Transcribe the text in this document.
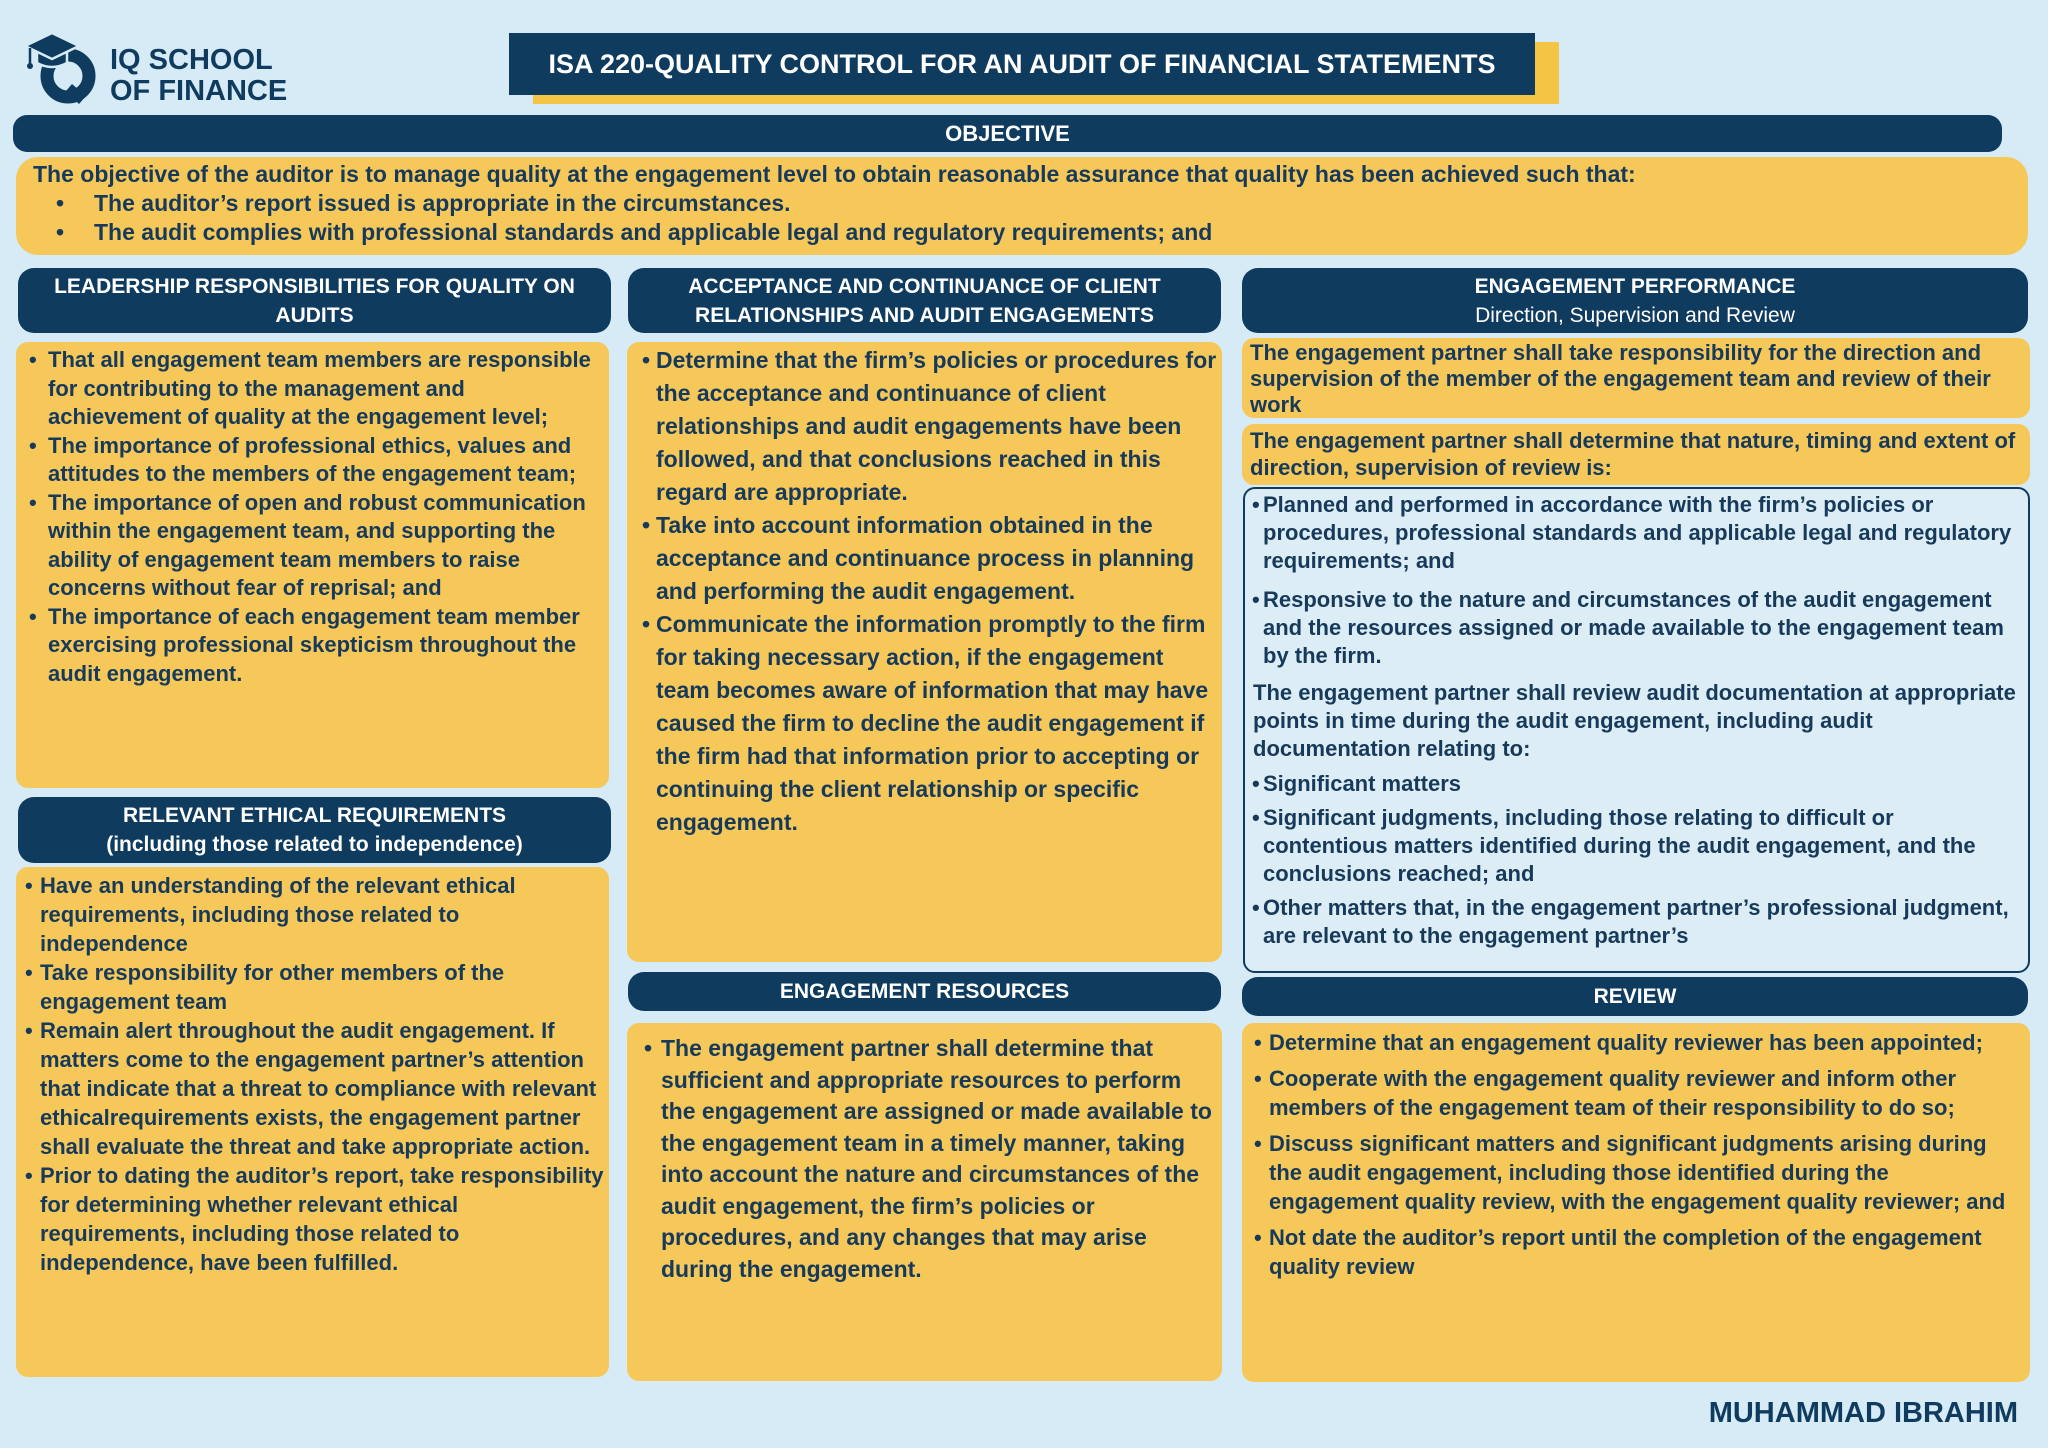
IQ SCHOOL
OF FINANCE
ISA 220-QUALITY CONTROL FOR AN AUDIT OF FINANCIAL STATEMENTS
OBJECTIVE
The objective of the auditor is to manage quality at the engagement level to obtain reasonable assurance that quality has been achieved such that:
• The auditor’s report issued is appropriate in the circumstances.
• The audit complies with professional standards and applicable legal and regulatory requirements; and
LEADERSHIP RESPONSIBILITIES FOR QUALITY ON
AUDITS
• That all engagement team members are responsible for contributing to the management and achievement of quality at the engagement level;
• The importance of professional ethics, values and attitudes to the members of the engagement team;
• The importance of open and robust communication within the engagement team, and supporting the ability of engagement team members to raise concerns without fear of reprisal; and
• The importance of each engagement team member exercising professional skepticism throughout the audit engagement.
RELEVANT ETHICAL REQUIREMENTS
(including those related to independence)
• Have an understanding of the relevant ethical requirements, including those related to independence
• Take responsibility for other members of the engagement team
• Remain alert throughout the audit engagement. If matters come to the engagement partner’s attention that indicate that a threat to compliance with relevant ethicalrequirements exists, the engagement partner shall evaluate the threat and take appropriate action.
• Prior to dating the auditor’s report, take responsibility for determining whether relevant ethical requirements, including those related to independence, have been fulfilled.
ACCEPTANCE AND CONTINUANCE OF CLIENT
RELATIONSHIPS AND AUDIT ENGAGEMENTS
• Determine that the firm’s policies or procedures for the acceptance and continuance of client relationships and audit engagements have been followed, and that conclusions reached in this regard are appropriate.
• Take into account information obtained in the acceptance and continuance process in planning and performing the audit engagement.
• Communicate the information promptly to the firm for taking necessary action, if the engagement team becomes aware of information that may have caused the firm to decline the audit engagement if the firm had that information prior to accepting or continuing the client relationship or specific engagement.
ENGAGEMENT RESOURCES
• The engagement partner shall determine that sufficient and appropriate resources to perform the engagement are assigned or made available to the engagement team in a timely manner, taking into account the nature and circumstances of the audit engagement, the firm’s policies or procedures, and any changes that may arise during the engagement.
ENGAGEMENT PERFORMANCE
Direction, Supervision and Review
The engagement partner shall take responsibility for the direction and supervision of the member of the engagement team and review of their work
The engagement partner shall determine that nature, timing and extent of direction, supervision of review is:
• Planned and performed in accordance with the firm’s policies or procedures, professional standards and applicable legal and regulatory requirements; and
• Responsive to the nature and circumstances of the audit engagement and the resources assigned or made available to the engagement team by the firm.
The engagement partner shall review audit documentation at appropriate points in time during the audit engagement, including audit documentation relating to:
• Significant matters
• Significant judgments, including those relating to difficult or contentious matters identified during the audit engagement, and the conclusions reached; and
• Other matters that, in the engagement partner’s professional judgment, are relevant to the engagement partner’s
REVIEW
• Determine that an engagement quality reviewer has been appointed;
• Cooperate with the engagement quality reviewer and inform other members of the engagement team of their responsibility to do so;
• Discuss significant matters and significant judgments arising during the audit engagement, including those identified during the engagement quality review, with the engagement quality reviewer; and
• Not date the auditor’s report until the completion of the engagement quality review
MUHAMMAD IBRAHIM
